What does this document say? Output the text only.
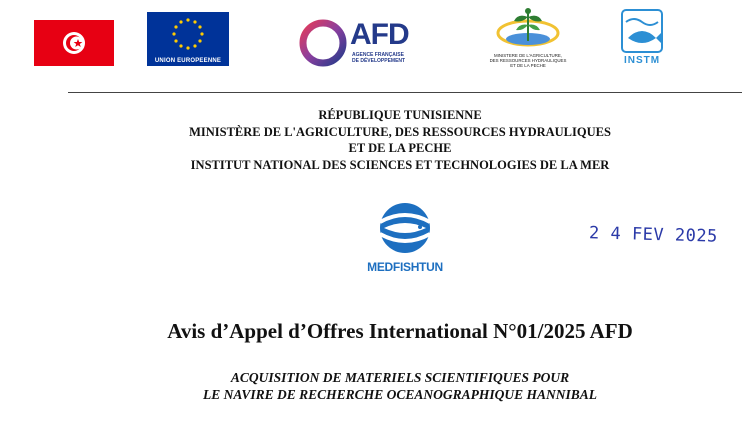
UNION EUROPEENNE
AFD
AGENCE FRANÇAISE
DE DÉVELOPPEMENT
MINISTERE DE L'AGRICULTURE,
DES RESSOURCES HYDRAULIQUES
ET DE LA PECHE	INSTM
RÉPUBLIQUE TUNISIENNE
MINISTÈRE DE L'AGRICULTURE, DES RESSOURCES HYDRAULIQUES
ET DE LA PECHE
INSTITUT NATIONAL DES SCIENCES ET TECHNOLOGIES DE LA MER
MEDFISHTUN
2 4 FEV 2025
Avis d’Appel d’Offres International N°01/2025 AFD
ACQUISITION DE MATERIELS SCIENTIFIQUES POUR
LE NAVIRE DE RECHERCHE OCEANOGRAPHIQUE HANNIBAL
